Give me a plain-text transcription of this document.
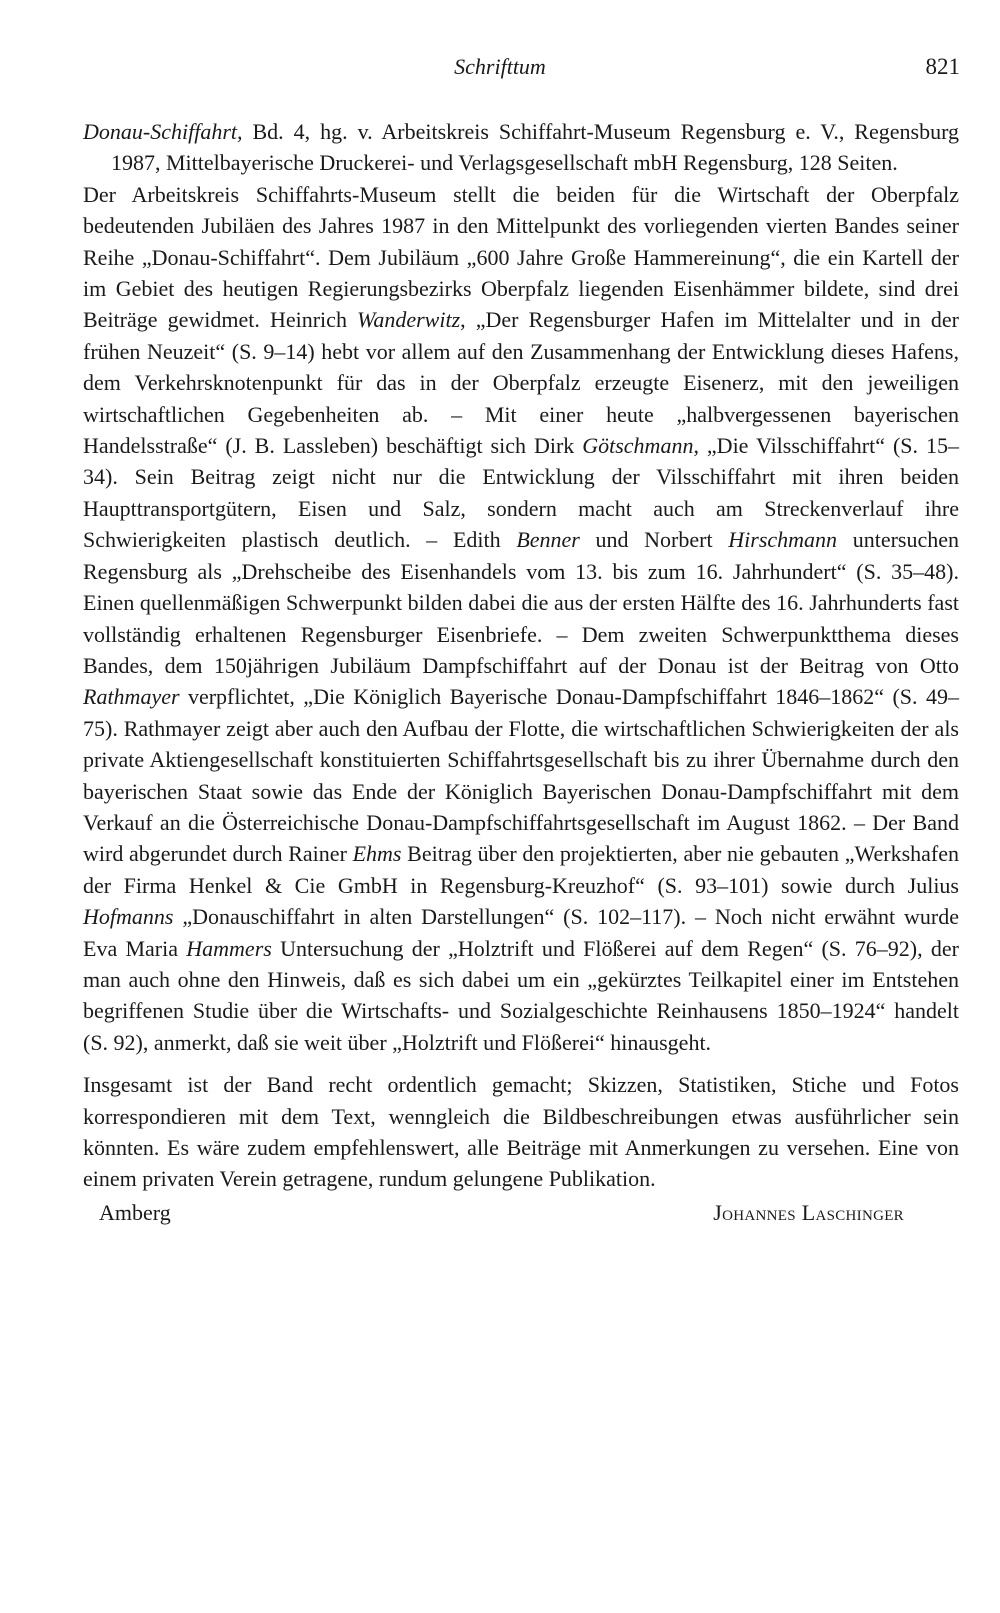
Schrifttum	821

Donau-Schiffahrt, Bd. 4, hg. v. Arbeitskreis Schiffahrt-Museum Regensburg e. V., Regensburg 1987, Mittelbayerische Druckerei- und Verlagsgesellschaft mbH Regensburg, 128 Seiten.

Der Arbeitskreis Schiffahrts-Museum stellt die beiden für die Wirtschaft der Oberpfalz bedeutenden Jubiläen des Jahres 1987 in den Mittelpunkt des vorliegenden vierten Bandes seiner Reihe „Donau-Schiffahrt“. Dem Jubiläum „600 Jahre Große Hammereinung“, die ein Kartell der im Gebiet des heutigen Regierungsbezirks Oberpfalz liegenden Eisenhämmer bildete, sind drei Beiträge gewidmet. Heinrich Wanderwitz, „Der Regensburger Hafen im Mittelalter und in der frühen Neuzeit“ (S. 9–14) hebt vor allem auf den Zusammenhang der Entwicklung dieses Hafens, dem Verkehrsknotenpunkt für das in der Oberpfalz erzeugte Eisenerz, mit den jeweiligen wirtschaftlichen Gegebenheiten ab. – Mit einer heute „halbvergessenen bayerischen Handelsstraße“ (J. B. Lassleben) beschäftigt sich Dirk Götschmann, „Die Vilsschiffahrt“ (S. 15–34). Sein Beitrag zeigt nicht nur die Entwicklung der Vilsschiffahrt mit ihren beiden Haupttransportgütern, Eisen und Salz, sondern macht auch am Streckenverlauf ihre Schwierigkeiten plastisch deutlich. – Edith Benner und Norbert Hirschmann untersuchen Regensburg als „Drehscheibe des Eisenhandels vom 13. bis zum 16. Jahrhundert“ (S. 35–48). Einen quellenmäßigen Schwerpunkt bilden dabei die aus der ersten Hälfte des 16. Jahrhunderts fast vollständig erhaltenen Regensburger Eisenbriefe. – Dem zweiten Schwerpunktthema dieses Bandes, dem 150jährigen Jubiläum Dampfschiffahrt auf der Donau ist der Beitrag von Otto Rathmayer verpflichtet, „Die Königlich Bayerische Donau-Dampfschiffahrt 1846–1862“ (S. 49–75). Rathmayer zeigt aber auch den Aufbau der Flotte, die wirtschaftlichen Schwierigkeiten der als private Aktiengesellschaft konstituierten Schiffahrtsgesellschaft bis zu ihrer Übernahme durch den bayerischen Staat sowie das Ende der Königlich Bayerischen Donau-Dampfschiffahrt mit dem Verkauf an die Österreichische Donau-Dampfschiffahrtsgesellschaft im August 1862. – Der Band wird abgerundet durch Rainer Ehms Beitrag über den projektierten, aber nie gebauten „Werkshafen der Firma Henkel & Cie GmbH in Regensburg-Kreuzhof“ (S. 93–101) sowie durch Julius Hofmanns „Donauschiffahrt in alten Darstellungen“ (S. 102–117). – Noch nicht erwähnt wurde Eva Maria Hammers Untersuchung der „Holztrift und Flößerei auf dem Regen“ (S. 76–92), der man auch ohne den Hinweis, daß es sich dabei um ein „gekürztes Teilkapitel einer im Entstehen begriffenen Studie über die Wirtschafts- und Sozialgeschichte Reinhausens 1850–1924“ handelt (S. 92), anmerkt, daß sie weit über „Holztrift und Flößerei“ hinausgeht.

Insgesamt ist der Band recht ordentlich gemacht; Skizzen, Statistiken, Stiche und Fotos korrespondieren mit dem Text, wenngleich die Bildbeschreibungen etwas ausführlicher sein könnten. Es wäre zudem empfehlenswert, alle Beiträge mit Anmerkungen zu versehen. Eine von einem privaten Verein getragene, rundum gelungene Publikation.

Amberg	Johannes Laschinger
